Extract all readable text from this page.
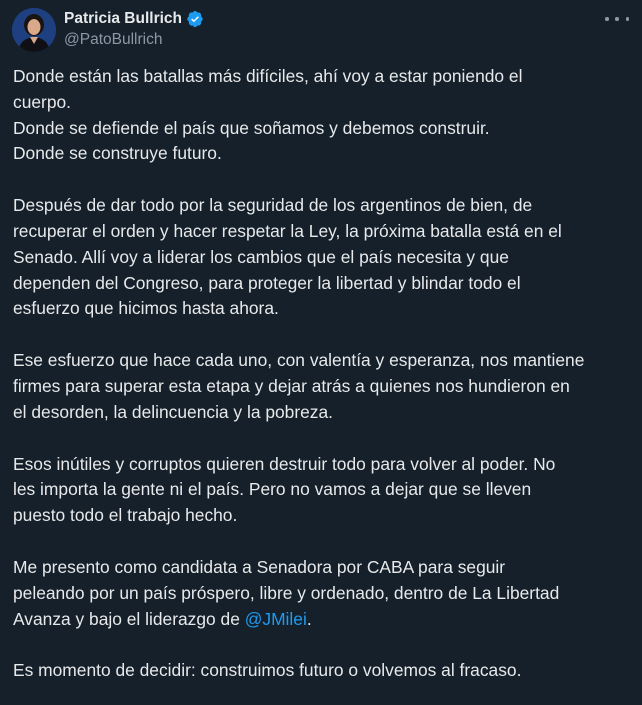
Patricia Bullrich
@PatoBullrich
Donde están las batallas más difíciles, ahí voy a estar poniendo el
cuerpo.
Donde se defiende el país que soñamos y debemos construir.
Donde se construye futuro.
Después de dar todo por la seguridad de los argentinos de bien, de
recuperar el orden y hacer respetar la Ley, la próxima batalla está en el
Senado. Allí voy a liderar los cambios que el país necesita y que
dependen del Congreso, para proteger la libertad y blindar todo el
esfuerzo que hicimos hasta ahora.
Ese esfuerzo que hace cada uno, con valentía y esperanza, nos mantiene
firmes para superar esta etapa y dejar atrás a quienes nos hundieron en
el desorden, la delincuencia y la pobreza.
Esos inútiles y corruptos quieren destruir todo para volver al poder. No
les importa la gente ni el país. Pero no vamos a dejar que se lleven
puesto todo el trabajo hecho.
Me presento como candidata a Senadora por CABA para seguir
peleando por un país próspero, libre y ordenado, dentro de La Libertad
Avanza y bajo el liderazgo de @JMilei.
Es momento de decidir: construimos futuro o volvemos al fracaso.
